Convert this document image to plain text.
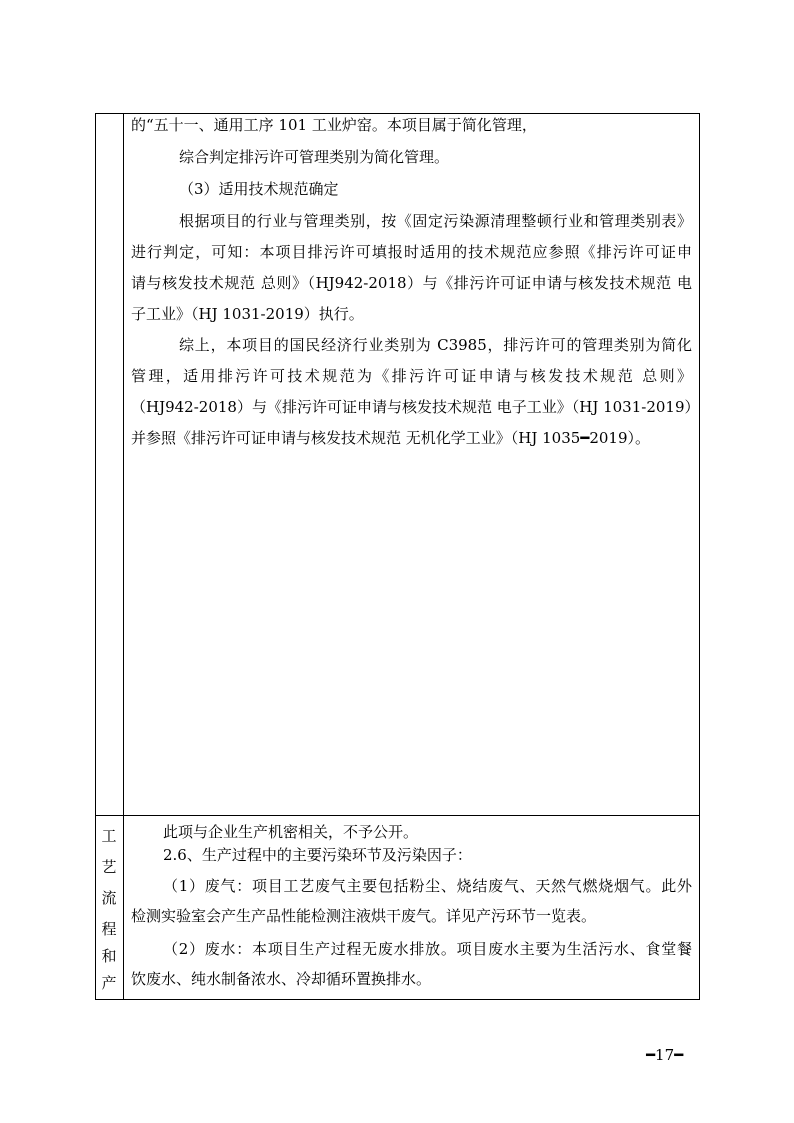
的“五十一、通用工序 101 工业炉窑。本项目属于简化管理，
综合判定排污许可管理类别为简化管理。
（3）适用技术规范确定
根据项目的行业与管理类别，按《固定污染源清理整顿行业和管理类别表》
进行判定，可知：本项目排污许可填报时适用的技术规范应参照《排污许可证申
请与核发技术规范 总则》（HJ942-2018）与《排污许可证申请与核发技术规范 电
子工业》（HJ 1031-2019）执行。
综上，本项目的国民经济行业类别为 C3985，排污许可的管理类别为简化
管理，适用排污许可技术规范为《排污许可证申请与核发技术规范 总则》
（HJ942-2018）与《排污许可证申请与核发技术规范 电子工业》（HJ 1031-2019）
并参照《排污许可证申请与核发技术规范 无机化学工业》（HJ 1035━2019）。
工
艺
流
程
和
产
此项与企业生产机密相关，不予公开。
2.6、生产过程中的主要污染环节及污染因子：
（1）废气：项目工艺废气主要包括粉尘、烧结废气、天然气燃烧烟气。此外
检测实验室会产生产品性能检测注液烘干废气。详见产污环节一览表。
（2）废水：本项目生产过程无废水排放。项目废水主要为生活污水、食堂餐
饮废水、纯水制备浓水、冷却循环置换排水。
━17━
